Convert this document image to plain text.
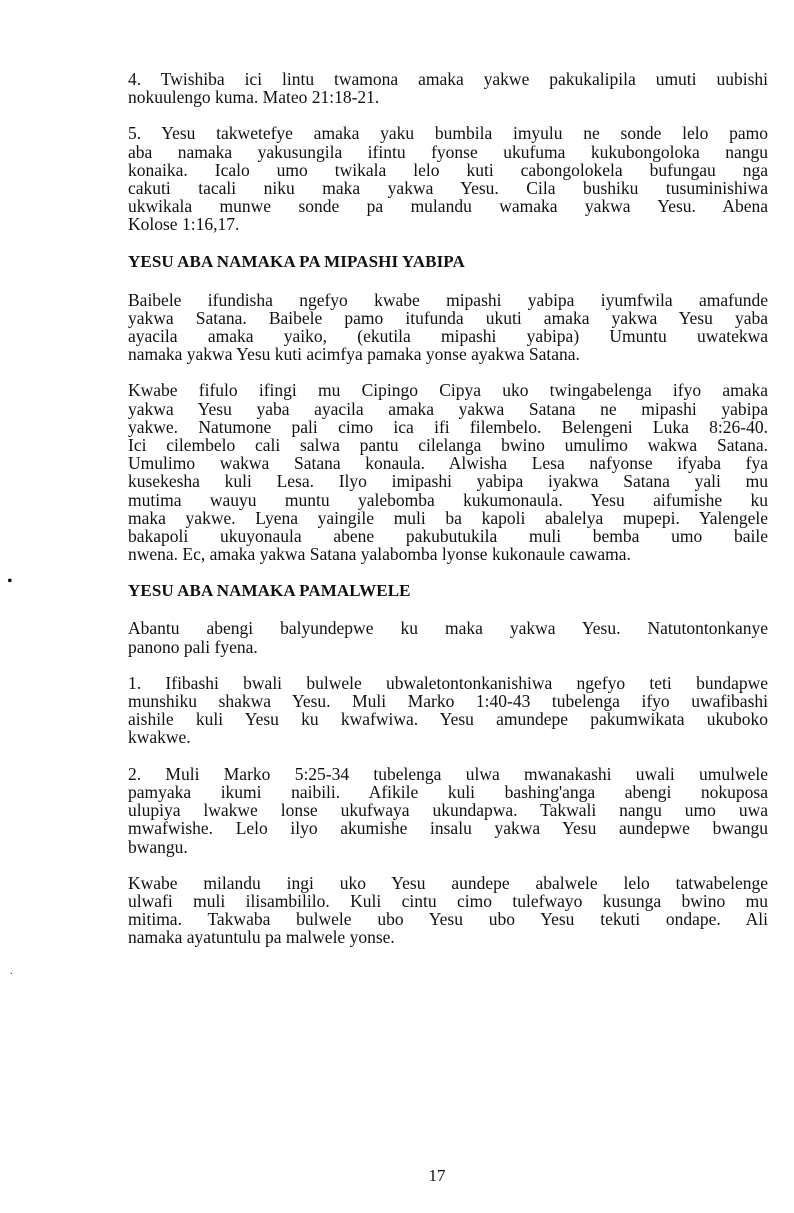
4. Twishiba ici lintu twamona amaka yakwe pakukalipila umuti uubishi
nokuulengo kuma. Mateo 21:18-21.

5. Yesu takwetefye amaka yaku bumbila imyulu ne sonde lelo pamo
aba namaka yakusungila ifintu fyonse ukufuma kukubongoloka nangu
konaika. Icalo umo twikala lelo kuti cabongolokela bufungau nga
cakuti tacali niku maka yakwa Yesu. Cila bushiku tusuminishiwa
ukwikala munwe sonde pa mulandu wamaka yakwa Yesu. Abena
Kolose 1:16,17.

YESU ABA NAMAKA PA MIPASHI YABIPA

Baibele ifundisha ngefyo kwabe mipashi yabipa iyumfwila amafunde
yakwa Satana. Baibele pamo itufunda ukuti amaka yakwa Yesu yaba
ayacila amaka yaiko, (ekutila mipashi yabipa) Umuntu uwatekwa
namaka yakwa Yesu kuti acimfya pamaka yonse ayakwa Satana.

Kwabe fifulo ifingi mu Cipingo Cipya uko twingabelenga ifyo amaka
yakwa Yesu yaba ayacila amaka yakwa Satana ne mipashi yabipa
yakwe. Natumone pali cimo ica ifi filembelo. Belengeni Luka 8:26-40.
Ici cilembelo cali salwa pantu cilelanga bwino umulimo wakwa Satana.
Umulimo wakwa Satana konaula. Alwisha Lesa nafyonse ifyaba fya
kusekesha kuli Lesa. Ilyo imipashi yabipa iyakwa Satana yali mu
mutima wauyu muntu yalebomba kukumonaula. Yesu aifumishe ku
maka yakwe. Lyena yaingile muli ba kapoli abalelya mupepi. Yalengele
bakapoli ukuyonaula abene pakubutukila muli bemba umo baile
nwena. Ec, amaka yakwa Satana yalabomba lyonse kukonaule cawama.

YESU ABA NAMAKA PAMALWELE

Abantu abengi balyundepwe ku maka yakwa Yesu. Natutontonkanye
panono pali fyena.

1. Ifibashi bwali bulwele ubwaletontonkanishiwa ngefyo teti bundapwe
munshiku shakwa Yesu. Muli Marko 1:40-43 tubelenga ifyo uwafibashi
aishile kuli Yesu ku kwafwiwa. Yesu amundepe pakumwikata ukuboko
kwakwe.

2. Muli Marko 5:25-34 tubelenga ulwa mwanakashi uwali umulwele
pamyaka ikumi naibili. Afikile kuli bashing'anga abengi nokuposa
ulupiya lwakwe lonse ukufwaya ukundapwa. Takwali nangu umo uwa
mwafwishe. Lelo ilyo akumishe insalu yakwa Yesu aundepwe bwangu
bwangu.

Kwabe milandu ingi uko Yesu aundepe abalwele lelo tatwabelenge
ulwafi muli ilisambililo. Kuli cintu cimo tulefwayo kusunga bwino mu
mitima. Takwaba bulwele ubo Yesu ubo Yesu tekuti ondape. Ali
namaka ayatuntulu pa malwele yonse.

•
.
17
